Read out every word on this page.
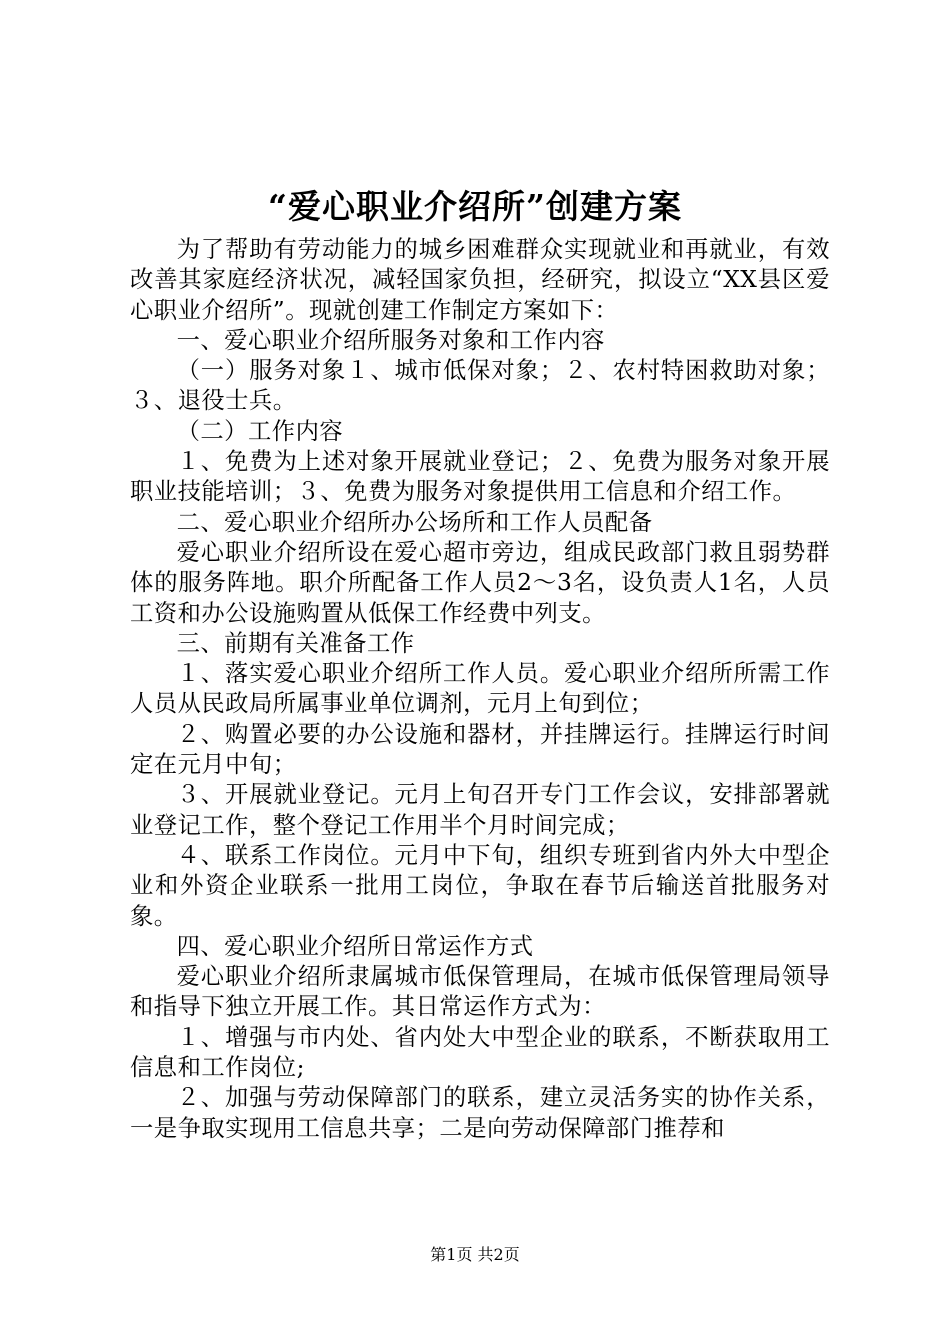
“爱心职业介绍所”创建方案

为了帮助有劳动能力的城乡困难群众实现就业和再就业，有效改善其家庭经济状况，减轻国家负担，经研究，拟设立“XX县区爱心职业介绍所”。现就创建工作制定方案如下：

一、爱心职业介绍所服务对象和工作内容

（一）服务对象１、城市低保对象；２、农村特困救助对象；３、退役士兵。

（二）工作内容

１、免费为上述对象开展就业登记；２、免费为服务对象开展职业技能培训；３、免费为服务对象提供用工信息和介绍工作。

二、爱心职业介绍所办公场所和工作人员配备

爱心职业介绍所设在爱心超市旁边，组成民政部门救且弱势群体的服务阵地。职介所配备工作人员2～3名，设负责人1名，人员工资和办公设施购置从低保工作经费中列支。

三、前期有关准备工作

１、落实爱心职业介绍所工作人员。爱心职业介绍所所需工作人员从民政局所属事业单位调剂，元月上旬到位；

２、购置必要的办公设施和器材，并挂牌运行。挂牌运行时间定在元月中旬；

３、开展就业登记。元月上旬召开专门工作会议，安排部署就业登记工作，整个登记工作用半个月时间完成；

４、联系工作岗位。元月中下旬，组织专班到省内外大中型企业和外资企业联系一批用工岗位，争取在春节后输送首批服务对象。

四、爱心职业介绍所日常运作方式

爱心职业介绍所隶属城市低保管理局，在城市低保管理局领导和指导下独立开展工作。其日常运作方式为：

１、增强与市内处、省内处大中型企业的联系，不断获取用工信息和工作岗位;

２、加强与劳动保障部门的联系，建立灵活务实的协作关系，一是争取实现用工信息共享；二是向劳动保障部门推荐和

第1页 共2页
